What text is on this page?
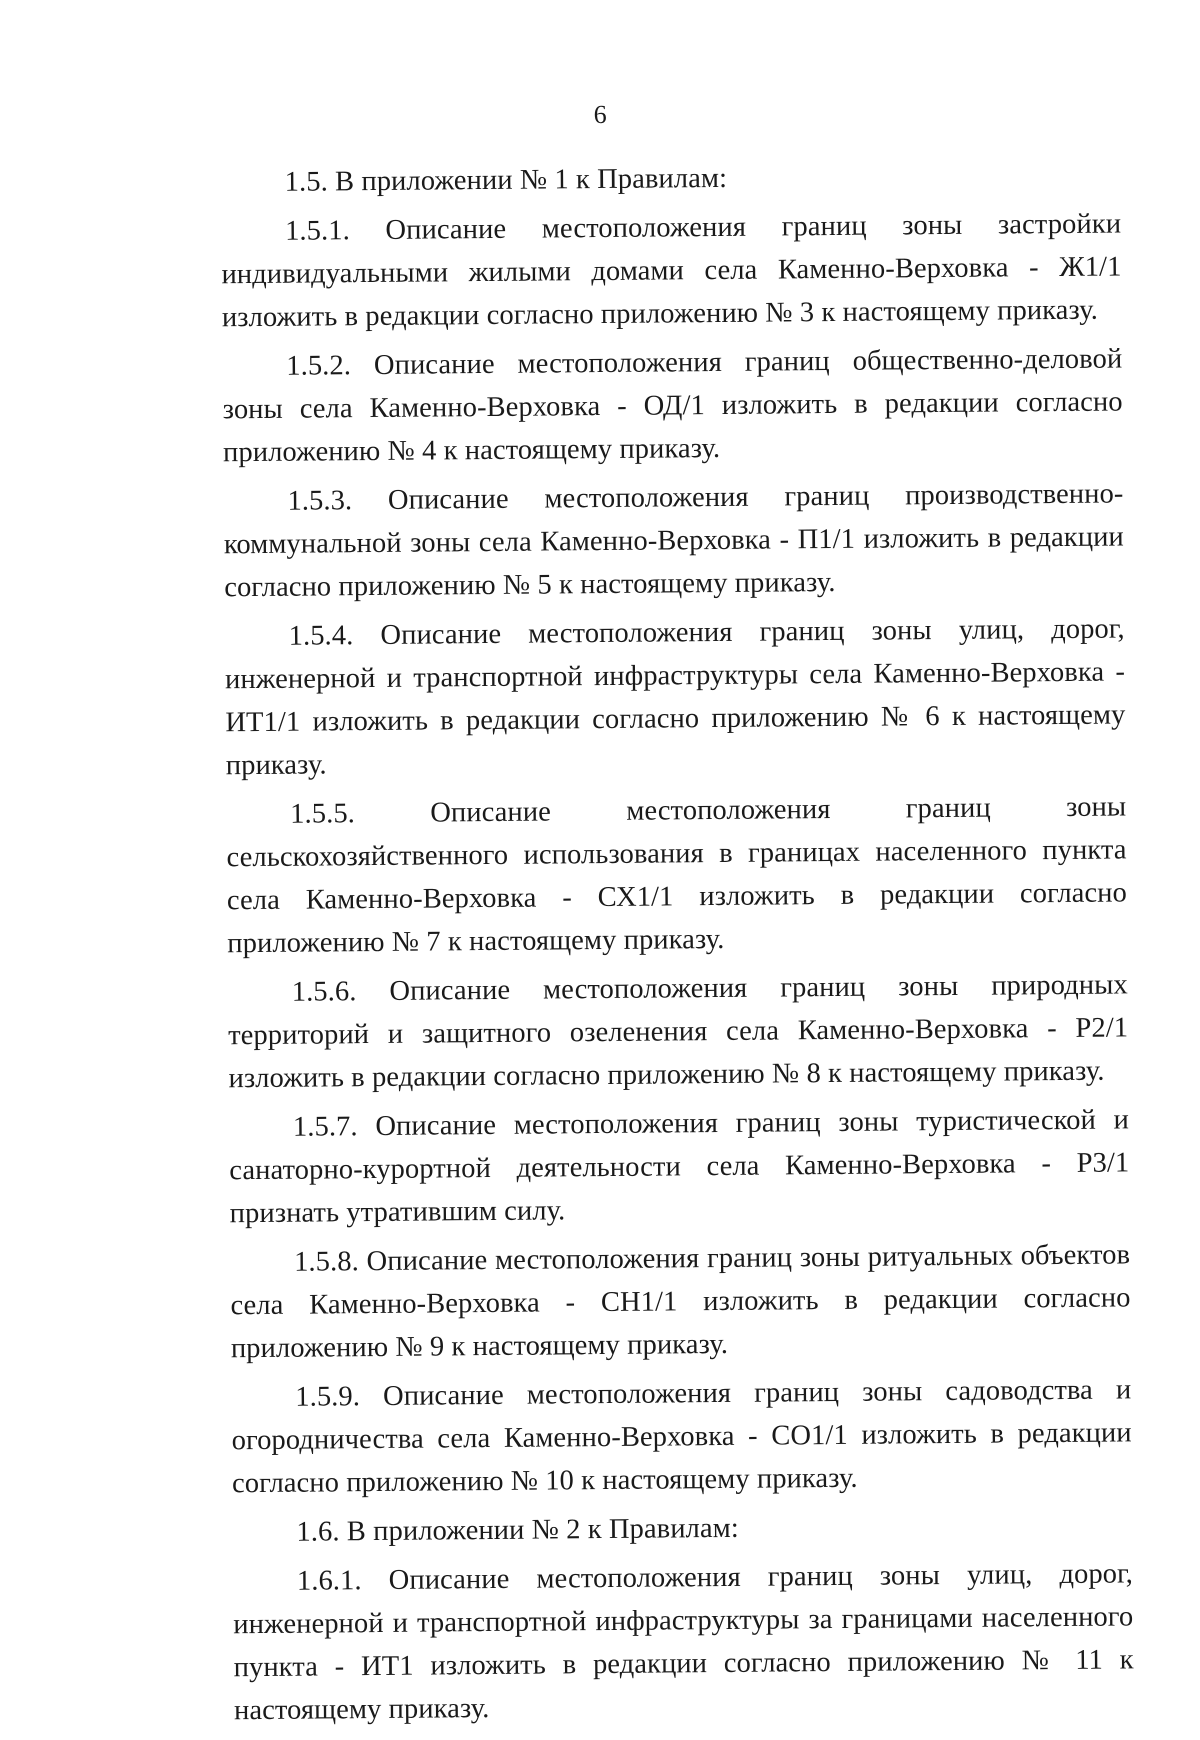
6

1.5. В приложении № 1 к Правилам:

1.5.1. Описание местоположения границ зоны застройки индивидуальными жилыми домами села Каменно-Верховка - Ж1/1 изложить в редакции согласно приложению № 3 к настоящему приказу.

1.5.2. Описание местоположения границ общественно-деловой зоны села Каменно-Верховка - ОД/1 изложить в редакции согласно приложению № 4 к настоящему приказу.

1.5.3. Описание местоположения границ производственно-коммунальной зоны села Каменно-Верховка - П1/1 изложить в редакции согласно приложению № 5 к настоящему приказу.

1.5.4. Описание местоположения границ зоны улиц, дорог, инженерной и транспортной инфраструктуры села Каменно-Верховка - ИТ1/1 изложить в редакции согласно приложению № 6 к настоящему приказу.

1.5.5. Описание местоположения границ зоны сельскохозяйственного использования в границах населенного пункта села Каменно-Верховка - СХ1/1 изложить в редакции согласно приложению № 7 к настоящему приказу.

1.5.6. Описание местоположения границ зоны природных территорий и защитного озеленения села Каменно-Верховка - Р2/1 изложить в редакции согласно приложению № 8 к настоящему приказу.

1.5.7. Описание местоположения границ зоны туристической и санаторно-курортной деятельности села Каменно-Верховка - Р3/1 признать утратившим силу.

1.5.8. Описание местоположения границ зоны ритуальных объектов села Каменно-Верховка - СН1/1 изложить в редакции согласно приложению № 9 к настоящему приказу.

1.5.9. Описание местоположения границ зоны садоводства и огородничества села Каменно-Верховка - СО1/1 изложить в редакции согласно приложению № 10 к настоящему приказу.

1.6. В приложении № 2 к Правилам:

1.6.1. Описание местоположения границ зоны улиц, дорог, инженерной и транспортной инфраструктуры за границами населенного пункта - ИТ1 изложить в редакции согласно приложению № 11 к настоящему приказу.
